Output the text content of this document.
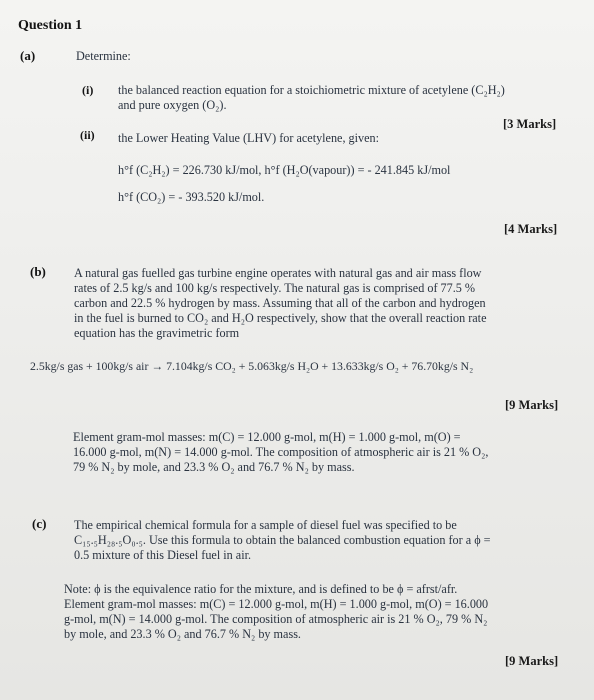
Question 1
(a)	Determine:
(i) the balanced reaction equation for a stoichiometric mixture of acetylene (C₂H₂)
and pure oxygen (O₂).
[3 Marks]
(ii) the Lower Heating Value (LHV) for acetylene, given:
h°f (C₂H₂) = 226.730 kJ/mol, h°f (H₂O(vapour)) = - 241.845 kJ/mol
h°f (CO₂) = - 393.520 kJ/mol.
[4 Marks]
(b) A natural gas fuelled gas turbine engine operates with natural gas and air mass flow
rates of 2.5 kg/s and 100 kg/s respectively. The natural gas is comprised of 77.5 %
carbon and 22.5 % hydrogen by mass. Assuming that all of the carbon and hydrogen
in the fuel is burned to CO₂ and H₂O respectively, show that the overall reaction rate
equation has the gravimetric form
2.5kg/s gas + 100kg/s air → 7.104kg/s CO₂ + 5.063kg/s H₂O + 13.633kg/s O₂ + 76.70kg/s N₂
[9 Marks]
Element gram-mol masses: m(C) = 12.000 g-mol, m(H) = 1.000 g-mol, m(O) =
16.000 g-mol, m(N) = 14.000 g-mol. The composition of atmospheric air is 21 % O₂,
79 % N₂ by mole, and 23.3 % O₂ and 76.7 % N₂ by mass.
(c) The empirical chemical formula for a sample of diesel fuel was specified to be
C₁₅.₅H₂₈.₅O₀.₅. Use this formula to obtain the balanced combustion equation for a ϕ =
0.5 mixture of this Diesel fuel in air.
Note: ϕ is the equivalence ratio for the mixture, and is defined to be ϕ = afrst/afr.
Element gram-mol masses: m(C) = 12.000 g-mol, m(H) = 1.000 g-mol, m(O) = 16.000
g-mol, m(N) = 14.000 g-mol. The composition of atmospheric air is 21 % O₂, 79 % N₂
by mole, and 23.3 % O₂ and 76.7 % N₂ by mass.
[9 Marks]
